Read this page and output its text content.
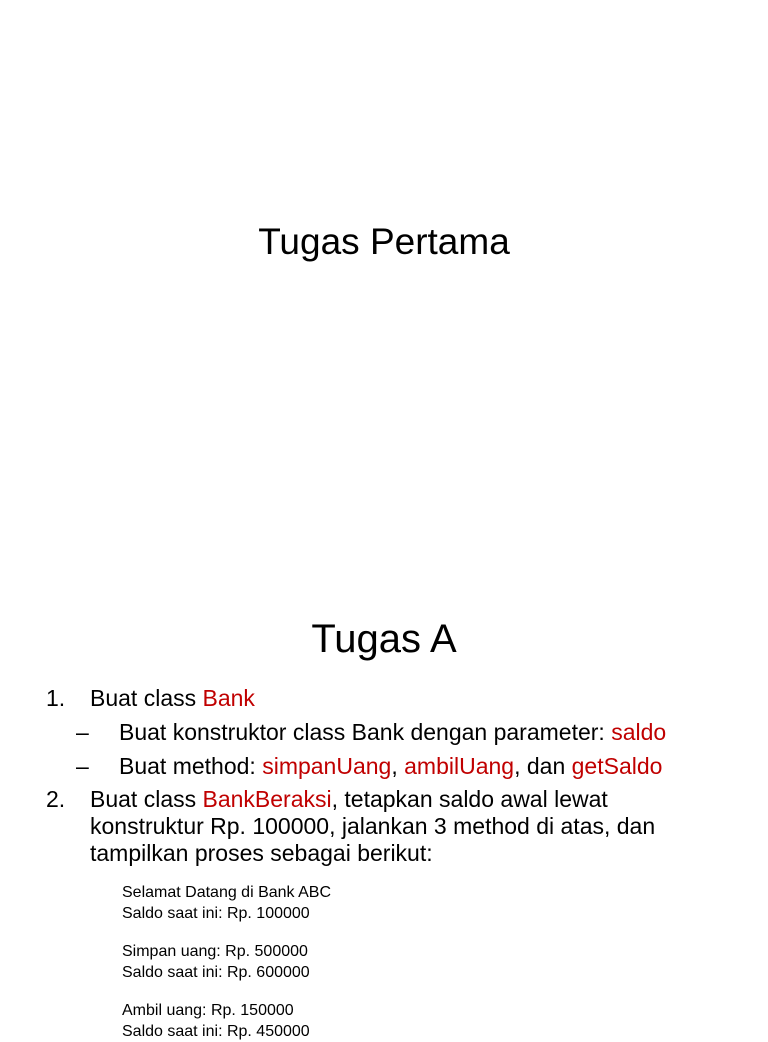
Tugas Pertama
Tugas A
1. Buat class Bank
– Buat konstruktor class Bank dengan parameter: saldo
– Buat method: simpanUang, ambilUang, dan getSaldo
2. Buat class BankBeraksi, tetapkan saldo awal lewat
konstruktur Rp. 100000, jalankan 3 method di atas, dan
tampilkan proses sebagai berikut:
Selamat Datang di Bank ABC
Saldo saat ini: Rp. 100000
Simpan uang: Rp. 500000
Saldo saat ini: Rp. 600000
Ambil uang: Rp. 150000
Saldo saat ini: Rp. 450000
